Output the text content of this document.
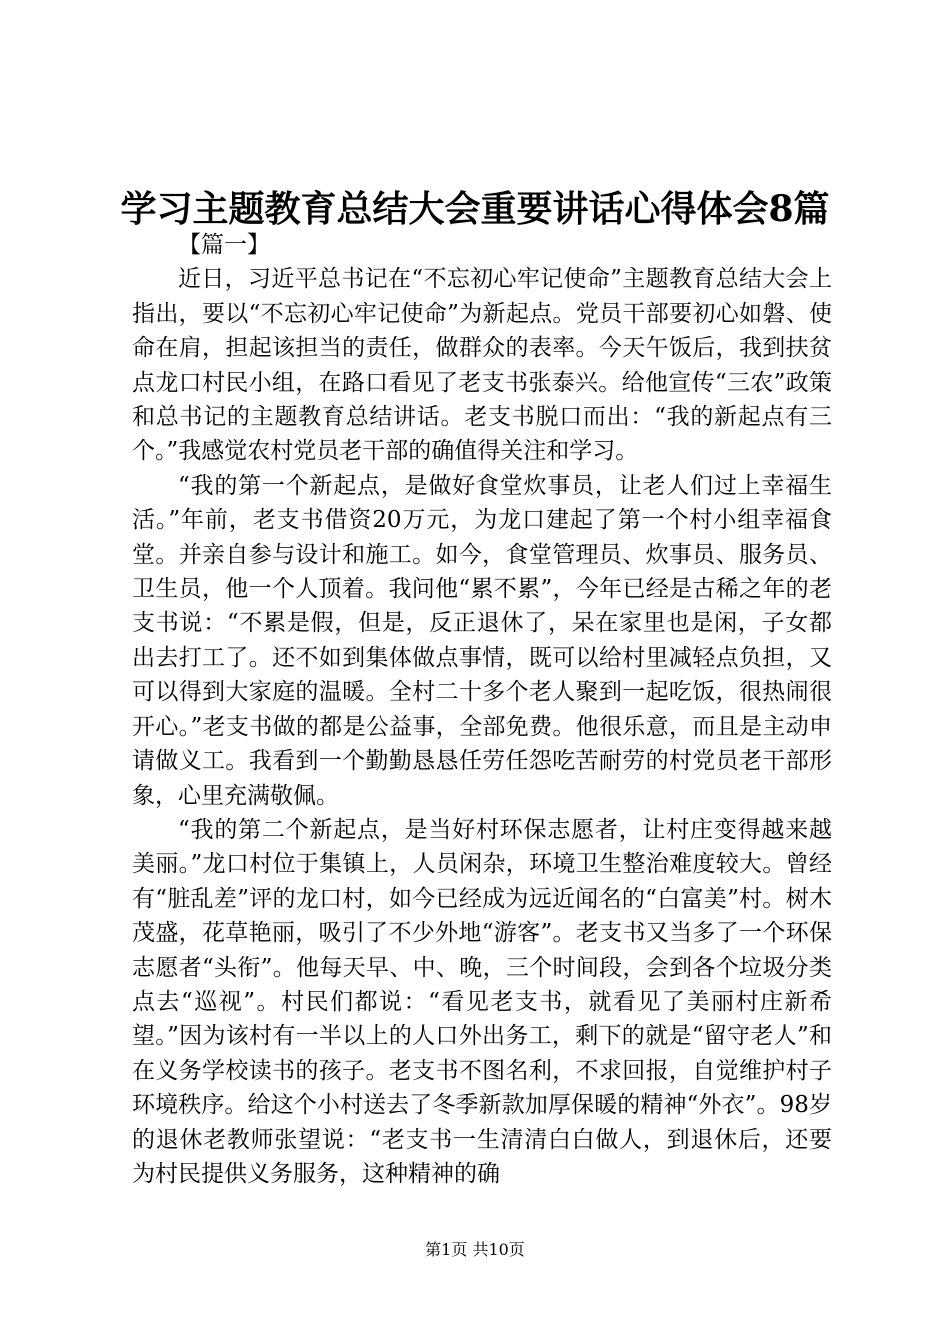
学习主题教育总结大会重要讲话心得体会8篇

【篇一】

近日，习近平总书记在“不忘初心牢记使命”主题教育总结大会上指出，要以“不忘初心牢记使命”为新起点。党员干部要初心如磐、使命在肩，担起该担当的责任，做群众的表率。今天午饭后，我到扶贫点龙口村民小组，在路口看见了老支书张泰兴。给他宣传“三农”政策和总书记的主题教育总结讲话。老支书脱口而出：“我的新起点有三个。”我感觉农村党员老干部的确值得关注和学习。

“我的第一个新起点，是做好食堂炊事员，让老人们过上幸福生活。”年前，老支书借资20万元，为龙口建起了第一个村小组幸福食堂。并亲自参与设计和施工。如今，食堂管理员、炊事员、服务员、卫生员，他一个人顶着。我问他“累不累”，今年已经是古稀之年的老支书说：“不累是假，但是，反正退休了，呆在家里也是闲，子女都出去打工了。还不如到集体做点事情，既可以给村里减轻点负担，又可以得到大家庭的温暖。全村二十多个老人聚到一起吃饭，很热闹很开心。”老支书做的都是公益事，全部免费。他很乐意，而且是主动申请做义工。我看到一个勤勤恳恳任劳任怨吃苦耐劳的村党员老干部形象，心里充满敬佩。

“我的第二个新起点，是当好村环保志愿者，让村庄变得越来越美丽。”龙口村位于集镇上，人员闲杂，环境卫生整治难度较大。曾经有“脏乱差”评的龙口村，如今已经成为远近闻名的“白富美”村。树木茂盛，花草艳丽，吸引了不少外地“游客”。老支书又当多了一个环保志愿者“头衔”。他每天早、中、晚，三个时间段，会到各个垃圾分类点去“巡视”。村民们都说：“看见老支书，就看见了美丽村庄新希望。”因为该村有一半以上的人口外出务工，剩下的就是“留守老人”和在义务学校读书的孩子。老支书不图名利，不求回报，自觉维护村子环境秩序。给这个小村送去了冬季新款加厚保暖的精神“外衣”。98岁的退休老教师张望说：“老支书一生清清白白做人，到退休后，还要为村民提供义务服务，这种精神的确

第1页 共10页
